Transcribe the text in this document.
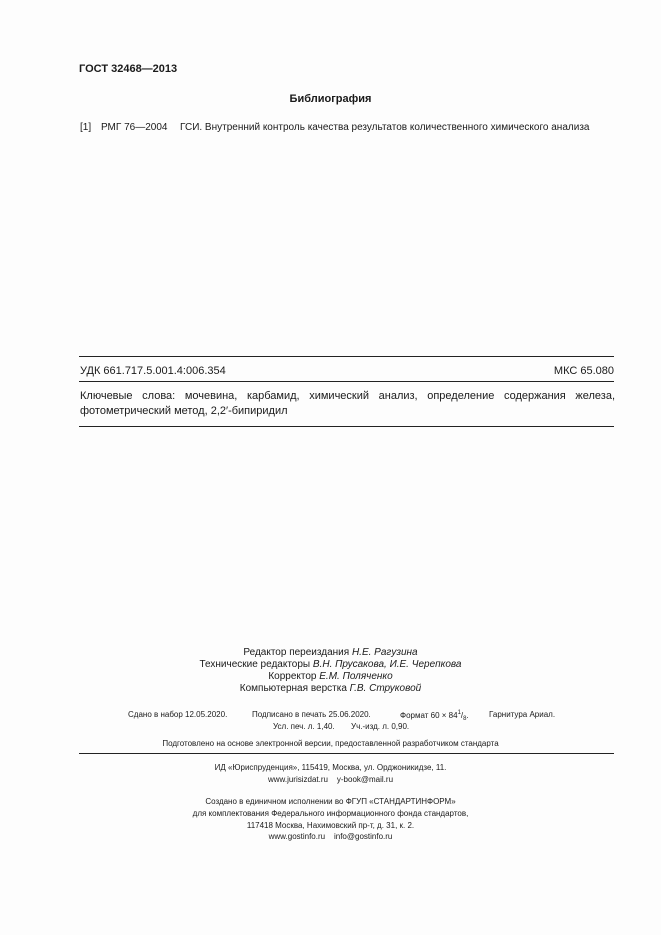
ГОСТ 32468—2013
Библиография
[1] РМГ 76—2004 ГСИ. Внутренний контроль качества результатов количественного химического анализа
УДК 661.717.5.001.4:006.354	МКС 65.080
Ключевые слова: мочевина, карбамид, химический анализ, определение содержания железа, фотометрический метод, 2,2′-бипиридил
Редактор переиздания Н.Е. Рагузина
Технические редакторы В.Н. Прусакова, И.Е. Черепкова
Корректор Е.М. Поляченко
Компьютерная верстка Г.В. Струковой
Сдано в набор 12.05.2020.	Подписано в печать 25.06.2020.	Формат $60 \times 84^1/_8$.	Гарнитура Ариал.
Усл. печ. л. 1,40. Уч.-изд. л. 0,90.
Подготовлено на основе электронной версии, предоставленной разработчиком стандарта
ИД «Юриспруденция», 115419, Москва, ул. Орджоникидзе, 11.
www.jurisizdat.ru y-book@mail.ru
Создано в единичном исполнении во ФГУП «СТАНДАРТИНФОРМ»
для комплектования Федерального информационного фонда стандартов,
117418 Москва, Нахимовский пр-т, д. 31, к. 2.
www.gostinfo.ru info@gostinfo.ru
